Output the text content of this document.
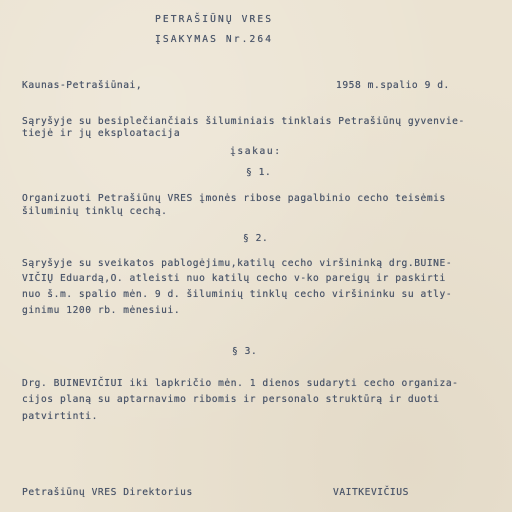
PETRAŠIŪNŲ VRES
ĮSAKYMAS Nr.264
Kaunas-Petrašiūnai,	1958 m.spalio 9 d.
Sąryšyje su besiplečiančiais šiluminiais tinklais Petrašiūnų gyvenvie-
tiejė ir jų eksploatacija
įsakau:
§ 1.
Organizuoti Petrašiūnų VRES įmonės ribose pagalbinio cecho teisėmis
šiluminių tinklų cechą.
§ 2.
Sąryšyje su sveikatos pablogėjimu,katilų cecho viršininką drg.BUINE-
VIČIŲ Eduardą,O. atleisti nuo katilų cecho v-ko pareigų ir paskirti
nuo š.m. spalio mėn. 9 d. šiluminių tinklų cecho viršininku su atly-
ginimu 1200 rb. mėnesiui.
§ 3.
Drg. BUINEVIČIUI iki lapkričio mėn. 1 dienos sudaryti cecho organiza-
cijos planą su aptarnavimo ribomis ir personalo struktūrą ir duoti
patvirtinti.
Petrašiūnų VRES Direktorius	VAITKEVIČIUS
